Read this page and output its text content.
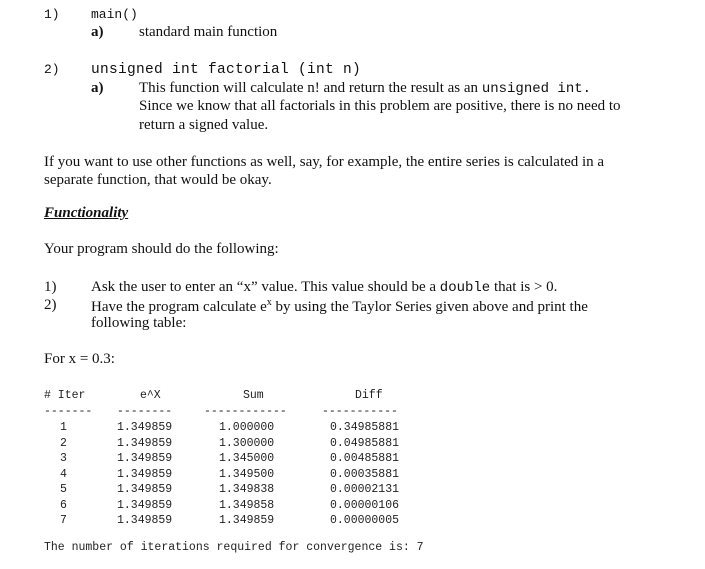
1) main()
a) standard main function
2) unsigned int factorial (int n)
a) This function will calculate n! and return the result as an unsigned int.
Since we know that all factorials in this problem are positive, there is no need to
return a signed value.
If you want to use other functions as well, say, for example, the entire series is calculated in a
separate function, that would be okay.
Functionality
Your program should do the following:
1) Ask the user to enter an “x” value. This value should be a double that is > 0.
2) Have the program calculate $e^x$ by using the Taylor Series given above and print the
following table:
For x = 0.3:
# Iter	e^X	Sum	Diff
------- --------	------------	-----------
1	1.349859	1.000000	0.34985881
2	1.349859	1.300000	0.04985881
3	1.349859	1.345000	0.00485881
4	1.349859	1.349500	0.00035881
5	1.349859	1.349838	0.00002131
6	1.349859	1.349858	0.00000106
7	1.349859	1.349859	0.00000005
The number of iterations required for convergence is: 7
